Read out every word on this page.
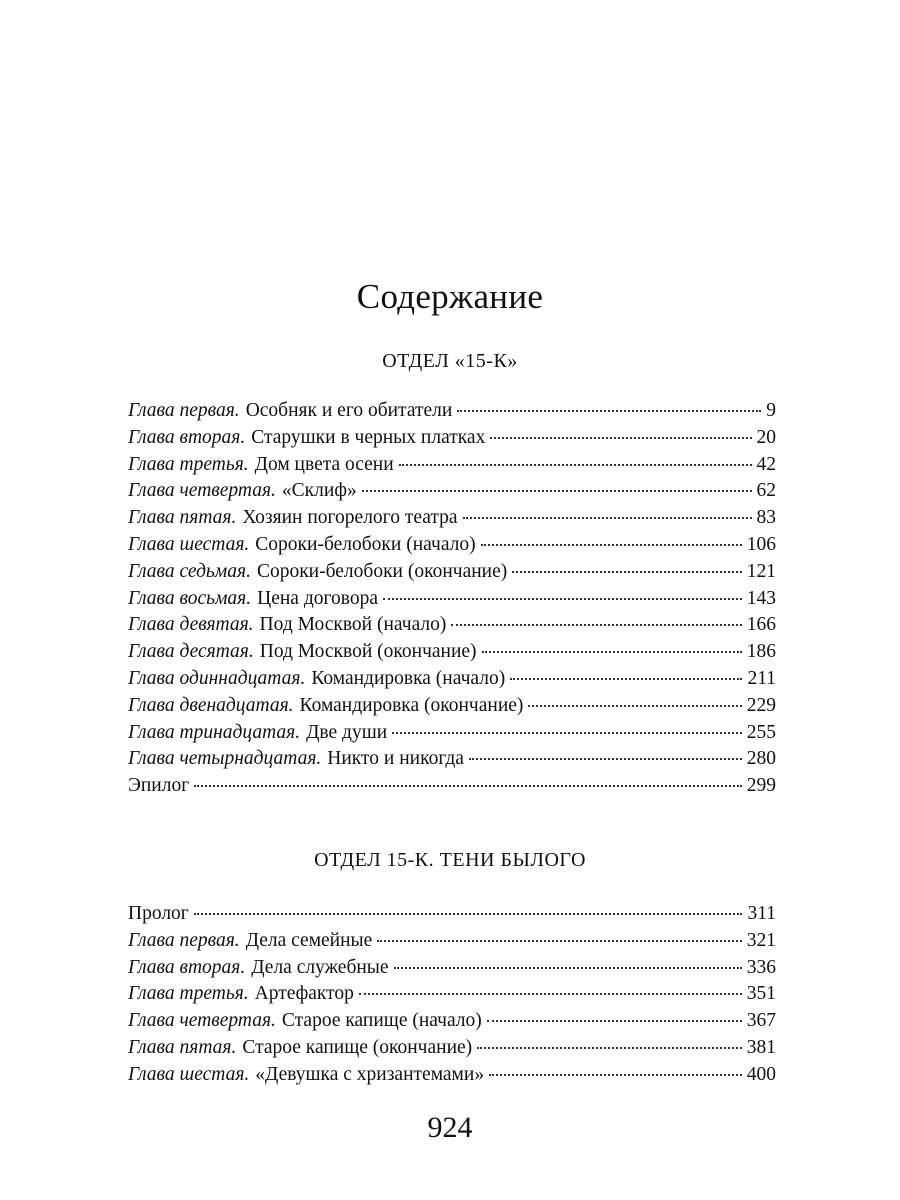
Содержание
ОТДЕЛ «15-К»
Глава первая. Особняк и его обитатели	9
Глава вторая. Старушки в черных платках	20
Глава третья. Дом цвета осени	42
Глава четвертая. «Склиф»	62
Глава пятая. Хозяин погорелого театра	83
Глава шестая. Сороки-белобоки (начало)	106
Глава седьмая. Сороки-белобоки (окончание)	121
Глава восьмая. Цена договора	143
Глава девятая. Под Москвой (начало)	166
Глава десятая. Под Москвой (окончание)	186
Глава одиннадцатая. Командировка (начало)	211
Глава двенадцатая. Командировка (окончание)	229
Глава тринадцатая. Две души	255
Глава четырнадцатая. Никто и никогда	280
Эпилог	299
ОТДЕЛ 15-К. ТЕНИ БЫЛОГО
Пролог	311
Глава первая. Дела семейные	321
Глава вторая. Дела служебные	336
Глава третья. Артефактор	351
Глава четвертая. Старое капище (начало)	367
Глава пятая. Старое капище (окончание)	381
Глава шестая. «Девушка с хризантемами»	400
924
